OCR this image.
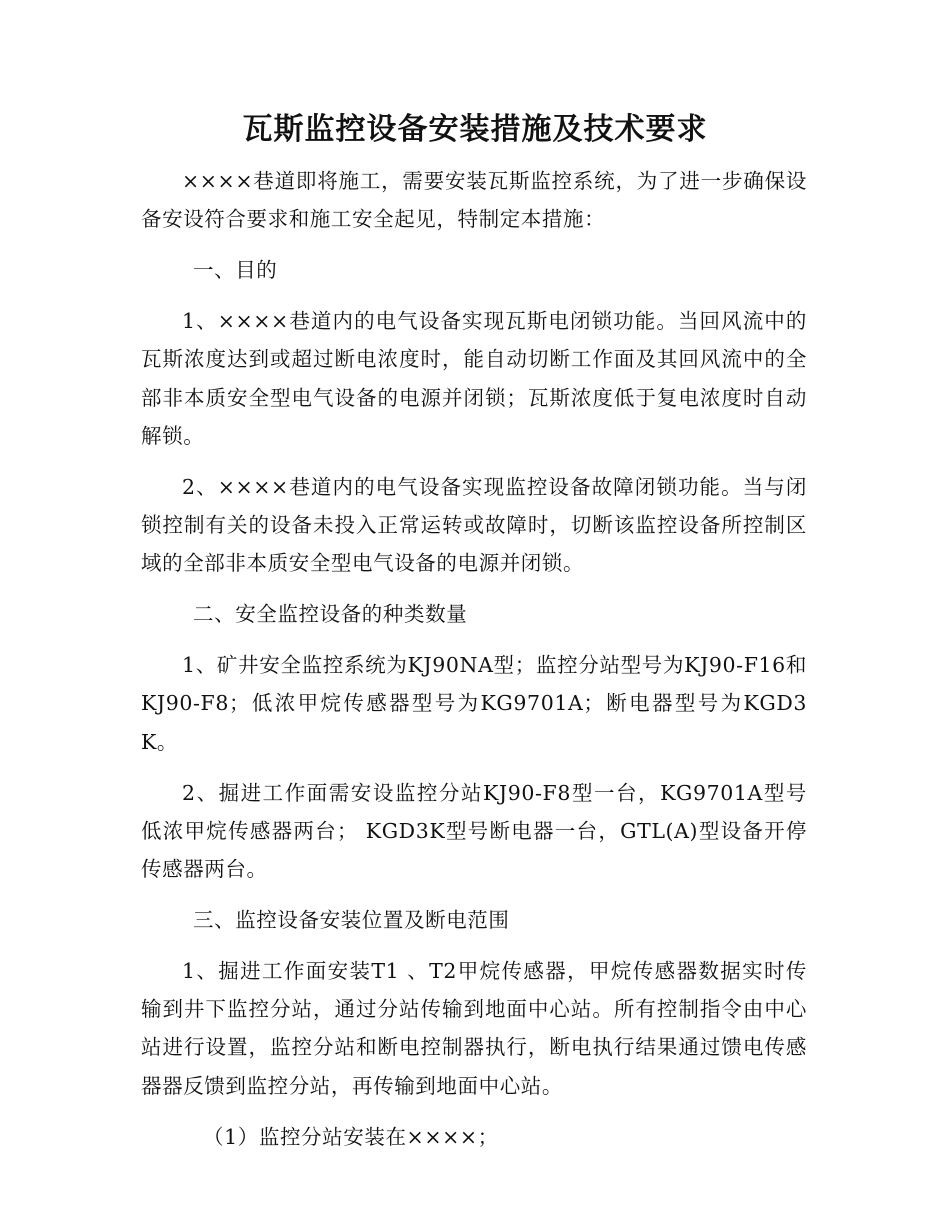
瓦斯监控设备安装措施及技术要求

××××巷道即将施工，需要安装瓦斯监控系统，为了进一步确保设备安设符合要求和施工安全起见，特制定本措施：

一、目的

1、××××巷道内的电气设备实现瓦斯电闭锁功能。当回风流中的瓦斯浓度达到或超过断电浓度时，能自动切断工作面及其回风流中的全部非本质安全型电气设备的电源并闭锁；瓦斯浓度低于复电浓度时自动解锁。

2、××××巷道内的电气设备实现监控设备故障闭锁功能。当与闭锁控制有关的设备未投入正常运转或故障时，切断该监控设备所控制区域的全部非本质安全型电气设备的电源并闭锁。

二、安全监控设备的种类数量

1、矿井安全监控系统为KJ90NA型；监控分站型号为KJ90-F16和KJ90-F8；低浓甲烷传感器型号为KG9701A；断电器型号为KGD3K。

2、掘进工作面需安设监控分站KJ90-F8型一台，KG9701A型号低浓甲烷传感器两台； KGD3K型号断电器一台，GTL(A)型设备开停传感器两台。

三、监控设备安装位置及断电范围

1、掘进工作面安装T1 、T2甲烷传感器，甲烷传感器数据实时传输到井下监控分站，通过分站传输到地面中心站。所有控制指令由中心站进行设置，监控分站和断电控制器执行，断电执行结果通过馈电传感器器反馈到监控分站，再传输到地面中心站。

（1）监控分站安装在××××；
